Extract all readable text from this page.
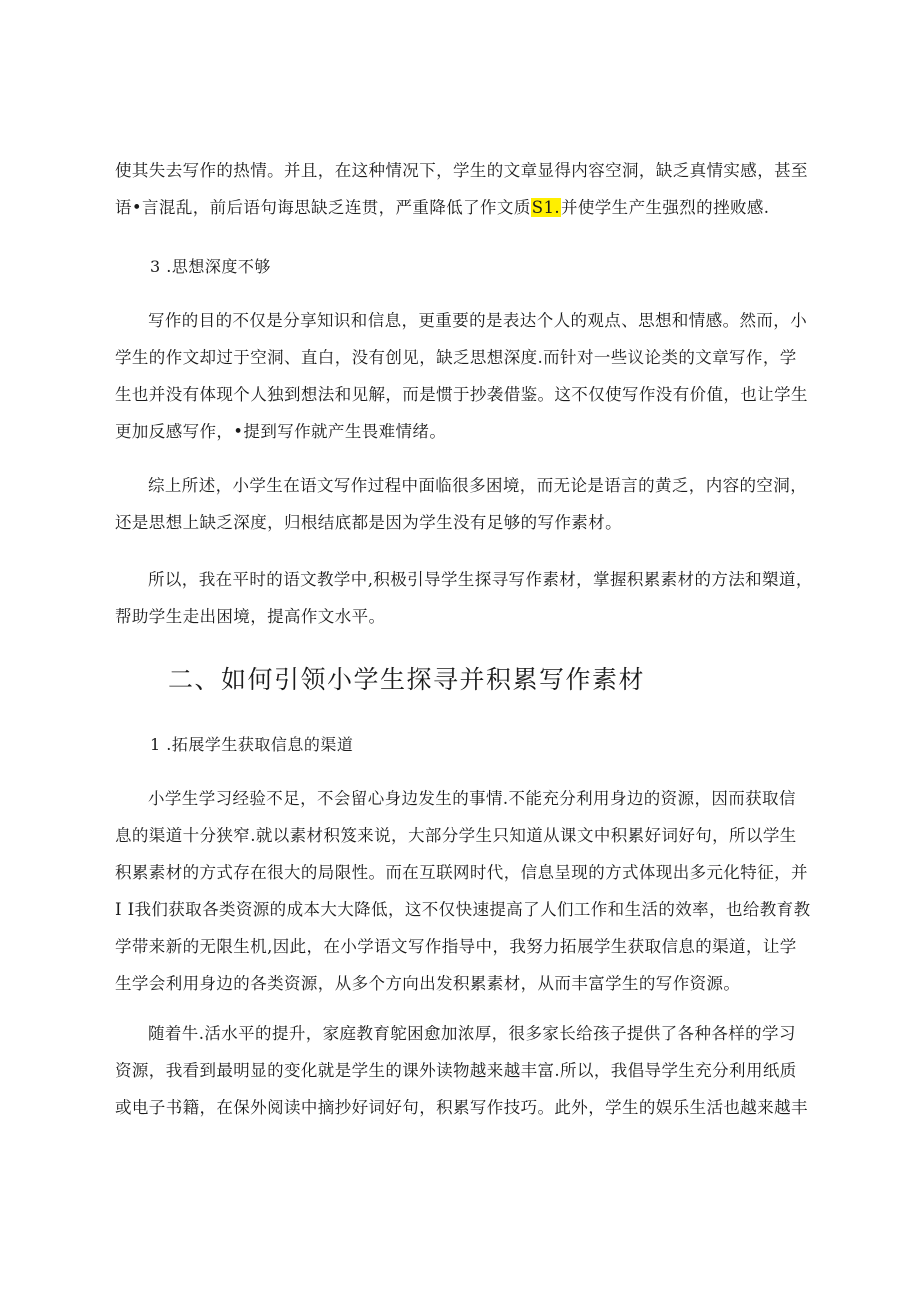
使其失去写作的热情。并且，在这种情况下，学生的文章显得内容空洞，缺乏真情实感，甚至

语•言混乱，前后语句诲思缺乏连贯，严重降低了作文质S1.并使学生产生强烈的挫败感.

3 .思想深度不够

写作的目的不仅是分享知识和信息，更重要的是表达个人的观点、思想和情感。然而，小

学生的作文却过于空洞、直白，没有创见，缺乏思想深度.而针对一些议论类的文章写作，学

生也并没有体现个人独到想法和见解，而是惯于抄袭借鉴。这不仅使写作没有价值，也让学生

更加反感写作，•提到写作就产生畏难情绪。

综上所述，小学生在语文写作过程中面临很多困境，而无论是语言的黄乏，内容的空洞，

还是思想上缺乏深度，归根结底都是因为学生没有足够的写作素材。

所以，我在平时的语文教学中,积极引导学生探寻写作素材，掌握积累素材的方法和槊道，

帮助学生走出困境，提高作文水平。

二、如何引领小学生探寻并积累写作素材
1 .拓展学生获取信息的渠道

小学生学习经验不足，不会留心身边发生的事情.不能充分利用身边的资源，因而获取信

息的渠道十分狭窄.就以素材积笈来说，大部分学生只知道从课文中积累好词好句，所以学生

积累素材的方式存在很大的局限性。而在互联网时代，信息呈现的方式体现出多元化特征，并

I I我们获取各类资源的成本大大降低，这不仅快速提高了人们工作和生活的效率，也给教育教

学带来新的无限生机,因此，在小学语文写作指导中，我努力拓展学生获取信息的渠道，让学

生学会利用身边的各类资源，从多个方向出发积累素材，从而丰富学生的写作资源。

随着牛.活水平的提升，家庭教育鸵困愈加浓厚，很多家长给孩子提供了各种各样的学习

资源，我看到最明显的变化就是学生的课外读物越来越丰富.所以，我倡导学生充分利用纸质

或电子书籍，在保外阅读中摘抄好词好句，积累写作技巧。此外，学生的娱乐生活也越来越丰
